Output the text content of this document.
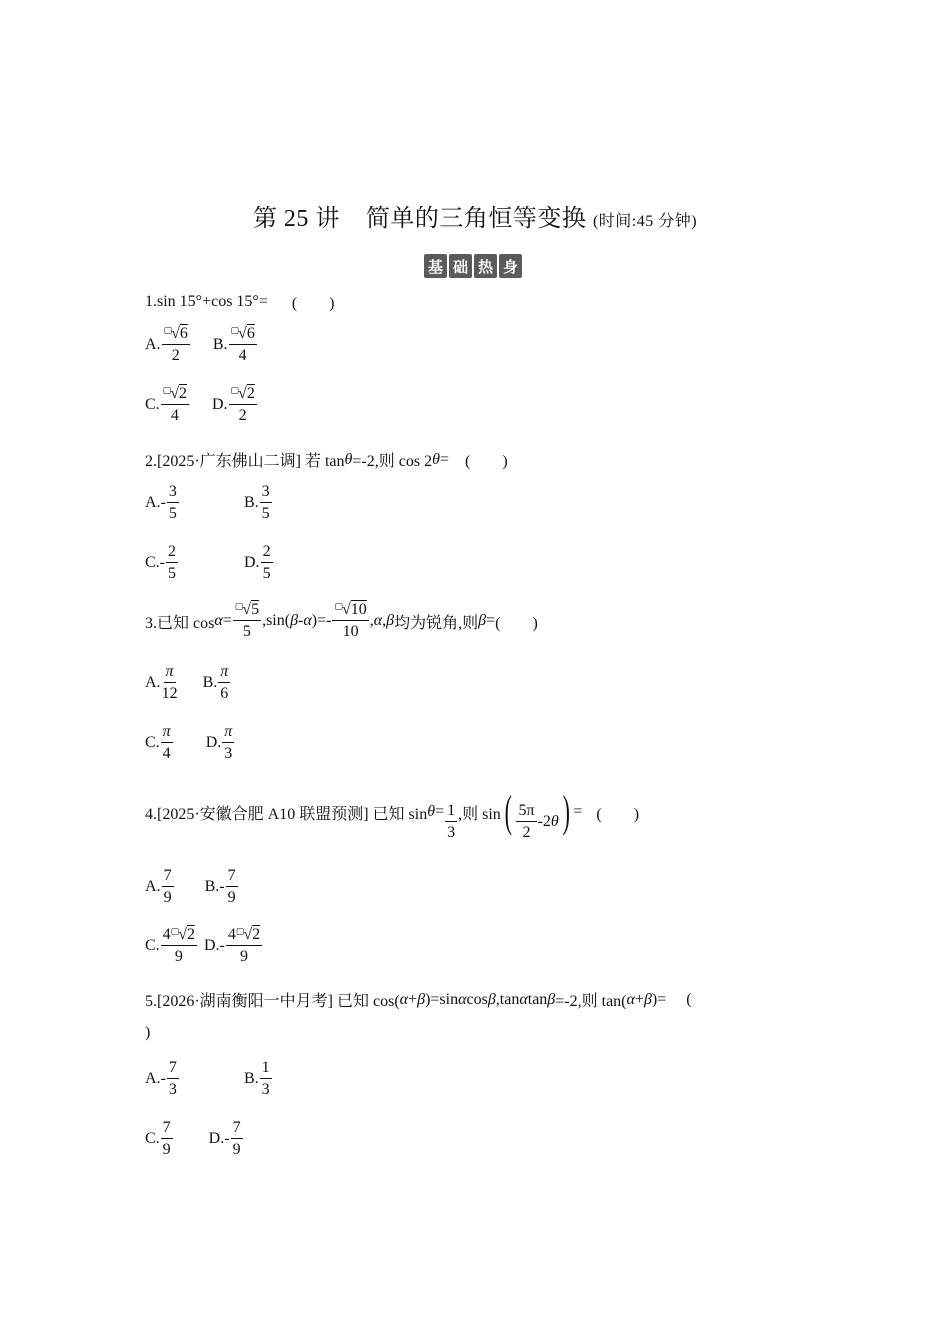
第 25 讲 简单的三角恒等变换 (时间:45 分钟)
基 础 热 身
1.sin 15°+cos 15°= (　　)
A. $\frac{^▢√6}{2} B$. $\frac{^▢√6}{4}$
C. $\frac{^▢√2}{4} D$. $\frac{^▢√2}{2}$
2.[2025·广东佛山二调] 若 tan θ =-2,则 cos 2 θ = (　　)
$A.- \frac{3}{5}$	B. $\frac{3}{5}$
$C.- \frac{2}{5}$	D. $\frac{2}{5}$
3.已知 $\cos \alpha = \frac{^▢√5}{5} ,\sin$( β - α )=- $\frac{^▢√10}{10}$ , α , β 均为锐角,则 β = (　　)
A. $\frac{\pi}{12} B$. $\frac{\pi}{6}$
C. $\frac{\pi}{4} D$. $\frac{\pi}{3}$
4.[2025·安徽合肥 A10 联盟预测] 已知 $\sin \theta = \frac{1}{3}$ ,则 sin ( $\frac{5\pi}{2} -2$ θ ) = (　　)
A. $\frac{7}{9} B.- \frac{7}{9}$
C. $\frac{4^▢√2}{9} D.- \frac{4^▢√2}{9}$
5.[2026·湖南衡阳一中月考] 已知 cos( α + β )=sin α cos β ,tan α tan β =-2,则 tan( α + β )= (
)
$A.- \frac{7}{3}$	B. $\frac{1}{3}$
C. $\frac{7}{9} D.- \frac{7}{9}$
